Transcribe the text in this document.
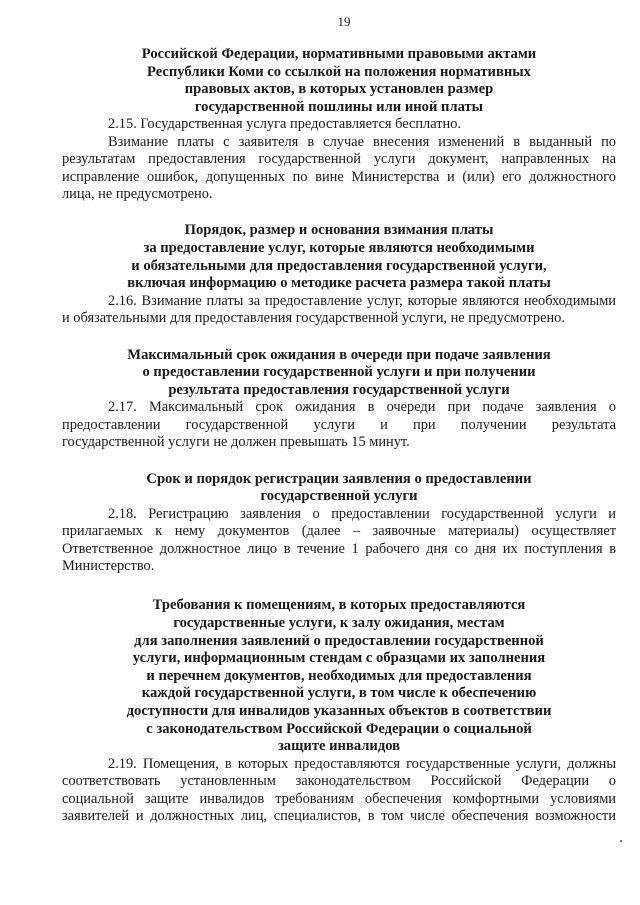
19
Российской Федерации, нормативными правовыми актами
Республики Коми со ссылкой на положения нормативных
правовых актов, в которых установлен размер
государственной пошлины или иной платы

2.15. Государственная услуга предоставляется бесплатно.

Взимание платы с заявителя в случае внесения изменений в выданный по
результатам предоставления государственной услуги документ, направленных на
исправление ошибок, допущенных по вине Министерства и (или) его должностного
лица, не предусмотрено.

Порядок, размер и основания взимания платы
за предоставление услуг, которые являются необходимыми
и обязательными для предоставления государственной услуги,
включая информацию о методике расчета размера такой платы

2.16. Взимание платы за предоставление услуг, которые являются необходимыми
и обязательными для предоставления государственной услуги, не предусмотрено.

Максимальный срок ожидания в очереди при подаче заявления
о предоставлении государственной услуги и при получении
результата предоставления государственной услуги

2.17. Максимальный срок ожидания в очереди при подаче заявления о
предоставлении государственной услуги и при получении результата
государственной услуги не должен превышать 15 минут.

Срок и порядок регистрации заявления о предоставлении
государственной услуги

2.18. Регистрацию заявления о предоставлении государственной услуги и
прилагаемых к нему документов (далее – заявочные материалы) осуществляет
Ответственное должностное лицо в течение 1 рабочего дня со дня их поступления в
Министерство.

Требования к помещениям, в которых предоставляются
государственные услуги, к залу ожидания, местам
для заполнения заявлений о предоставлении государственной
услуги, информационным стендам с образцами их заполнения
и перечнем документов, необходимых для предоставления
каждой государственной услуги, в том числе к обеспечению
доступности для инвалидов указанных объектов в соответствии
с законодательством Российской Федерации о социальной
защите инвалидов

2.19. Помещения, в которых предоставляются государственные услуги, должны
соответствовать установленным законодательством Российской Федерации о
социальной защите инвалидов требованиям обеспечения комфортными условиями
заявителей и должностных лиц, специалистов, в том числе обеспечения возможности
